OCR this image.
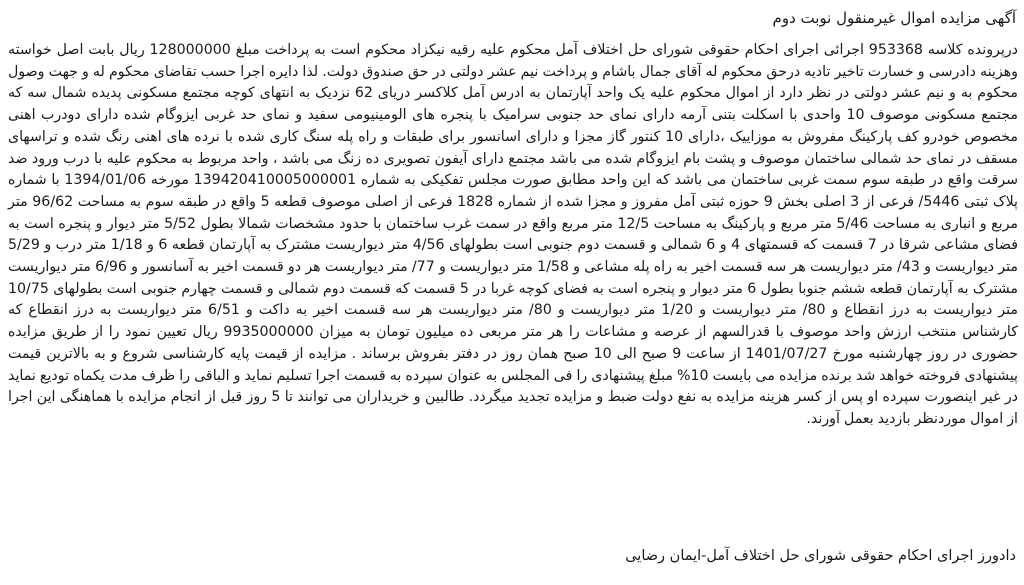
آگهی مزایده اموال غیرمنقول نوبت دوم

درپرونده کلاسه 953368 اجرائی اجرای احکام حقوقی شورای حل اختلاف آمل محکوم علیه رقیه نیکزاد محکوم است به پرداخت مبلغ 128000000 ریال بابت اصل خواسته وهزینه دادرسی و خسارت تاخیر تادیه درحق محکوم له آقای جمال باشام و پرداخت نیم عشر دولتی در حق صندوق دولت. لذا دایره اجرا حسب تقاضای محکوم له و جهت وصول محکوم به و نیم عشر دولتی در نظر دارد از اموال محکوم علیه یک واحد آپارتمان به ادرس آمل کلاکسر دریای 62 نزدیک به انتهای کوچه مجتمع مسکونی پدیده شمال سه که مجتمع مسکونی موصوف 10 واحدی با اسکلت بتنی آرمه دارای نمای حد جنوبی سرامیک با پنجره های الومینیومی سفید و نمای حد غربی ایزوگام شده دارای دودرب اهنی مخصوص خودرو کف پارکینگ مفروش به موزاییک ،دارای 10 کنتور گاز مجزا و دارای اسانسور برای طبقات و راه پله سنگ کاری شده با نرده های اهنی رنگ شده و تراسهای مسقف در نمای حد شمالی ساختمان موصوف و پشت بام ایزوگام شده می باشد مجتمع دارای آیفون تصویری ده زنگ می باشد ، واحد مربوط به محکوم علیه با درب ورود ضد سرقت واقع در طبقه سوم سمت غربی ساختمان می باشد که این واحد مطابق صورت مجلس تفکیکی به شماره 139420410005000001 مورخه 1394/01/06 با شماره پلاک ثبتی 5446/ فرعی از 3 اصلی بخش 9 حوزه ثبتی آمل مفروز و مجزا شده از شماره 1828 فرعی از اصلی موصوف قطعه 5 واقع در طبقه سوم به مساحت 96/62 متر مربع و انباری به مساحت 5/46 متر مربع و پارکینگ به مساحت 12/5 متر مربع واقع در سمت غرب ساختمان با حدود مشخصات شمالا بطول 5/52 متر دیوار و پنجره است به فضای مشاعی شرقا در 7 قسمت که قسمتهای 4 و 6 شمالی و قسمت دوم جنوبی است بطولهای 4/56 متر دیواریست مشترک به آپارتمان قطعه 6 و 1/18 متر درب و 5/29 متر دیواریست و 43/ متر دیواریست هر سه قسمت اخیر به راه پله مشاعی و 1/58 متر دیواریست و 77/ متر دیواریست هر دو قسمت اخیر به آسانسور و 6/96 متر دیواریست مشترک به آپارتمان قطعه ششم جنوبا بطول 6 متر دیوار و پنجره است به فضای کوچه غربا در 5 قسمت که قسمت دوم شمالی و قسمت چهارم جنوبی است بطولهای 10/75 متر دیواریست به درز انقطاع و 80/ متر دیواریست و 1/20 متر دیواریست و 80/ متر دیواریست هر سه قسمت اخیر به داکت و 6/51 متر دیواریست به درز انقطاع که کارشناس منتخب ارزش واحد موصوف با قدرالسهم از عرصه و مشاعات را هر متر مربعی ده میلیون تومان به میزان 9935000000 ریال تعیین نمود را از طریق مزایده حضوری در روز چهارشنبه مورخ 1401/07/27 از ساعت 9 صبح الی 10 صبح همان روز در دفتر بفروش برساند . مزایده از قیمت پایه کارشناسی شروع و به بالاترین قیمت پیشنهادی فروخته خواهد شد برنده مزایده می بایست 10% مبلغ پیشنهادی را فی المجلس به عنوان سپرده به قسمت اجرا تسلیم نماید و الباقی را ظرف مدت یکماه تودیع نماید در غیر اینصورت سپرده او پس از کسر هزینه مزایده به نفع دولت ضبط و مزایده تجدید میگردد. طالبین و خریداران می توانند تا 5 روز قبل از انجام مزایده با هماهنگی این اجرا از اموال موردنظر بازدید بعمل آورند.

دادورز اجرای احکام حقوقی شورای حل اختلاف آمل-ایمان رضایی
